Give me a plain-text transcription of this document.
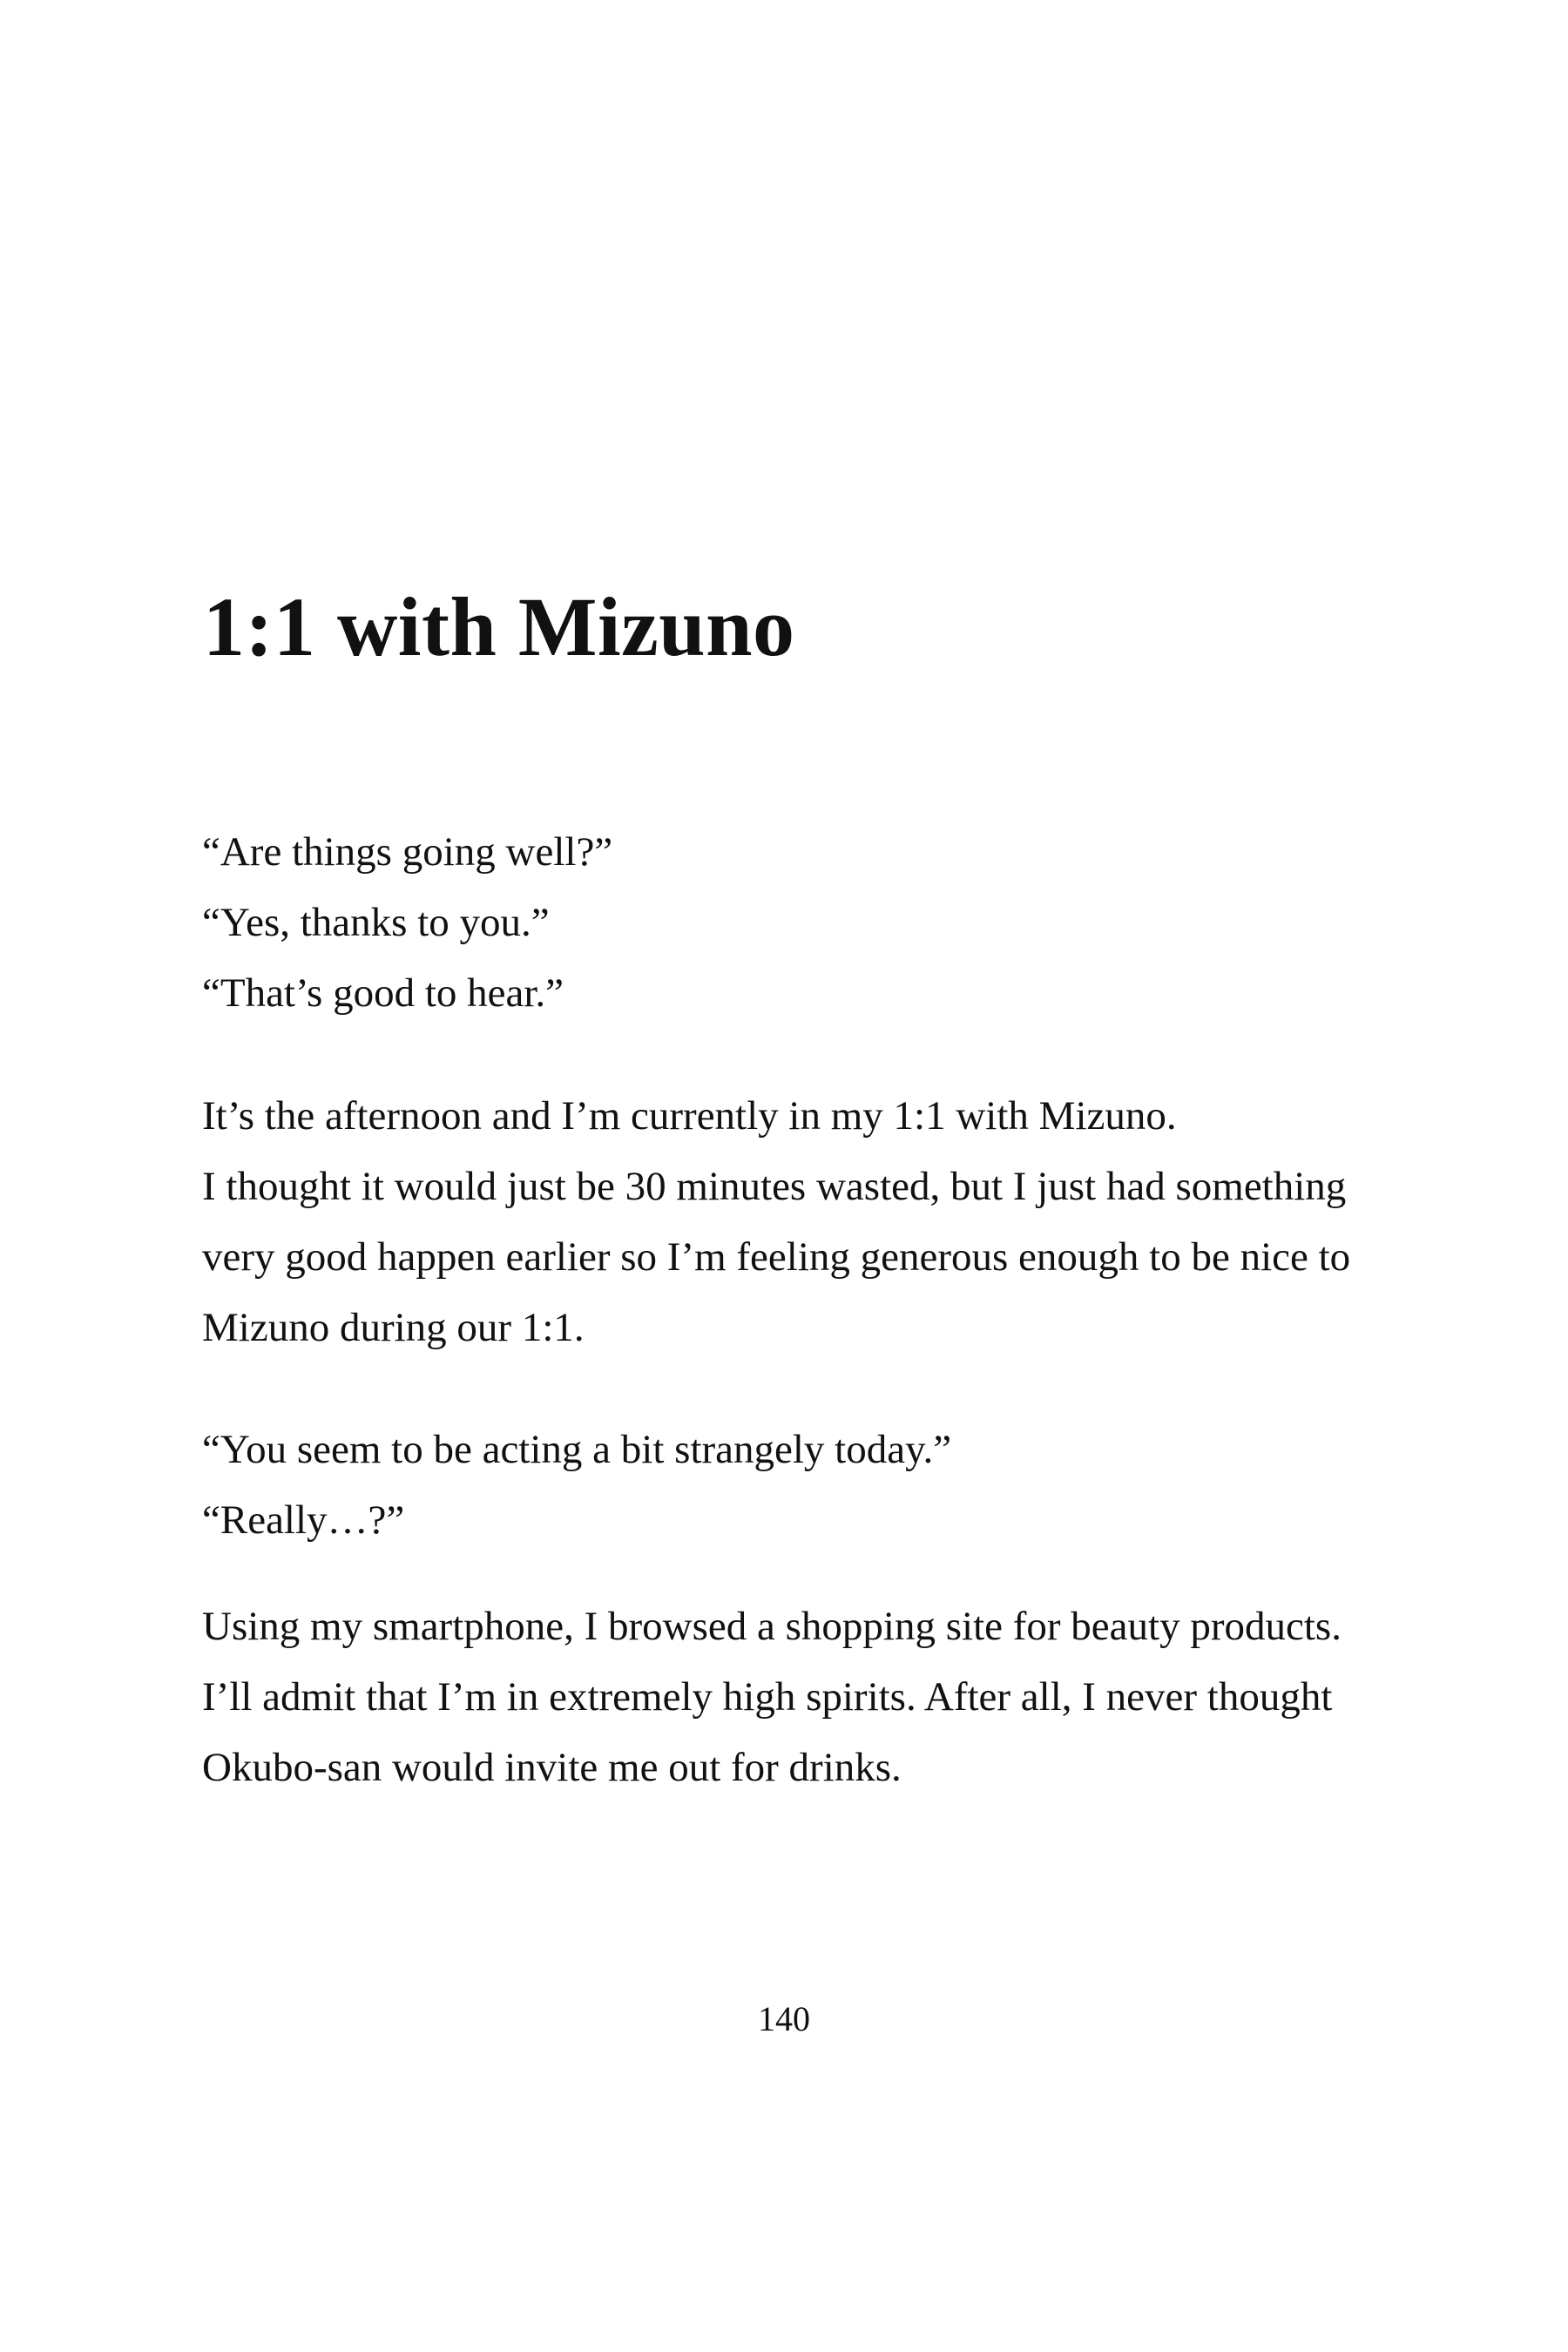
1:1 with Mizuno

“Are things going well?”
“Yes, thanks to you.”
“That’s good to hear.”

It’s the afternoon and I’m currently in my 1:1 with Mizuno.
I thought it would just be 30 minutes wasted, but I just had something
very good happen earlier so I’m feeling generous enough to be nice to
Mizuno during our 1:1.

“You seem to be acting a bit strangely today.”
“Really…?”

Using my smartphone, I browsed a shopping site for beauty products.
I’ll admit that I’m in extremely high spirits. After all, I never thought
Okubo-san would invite me out for drinks.

140
